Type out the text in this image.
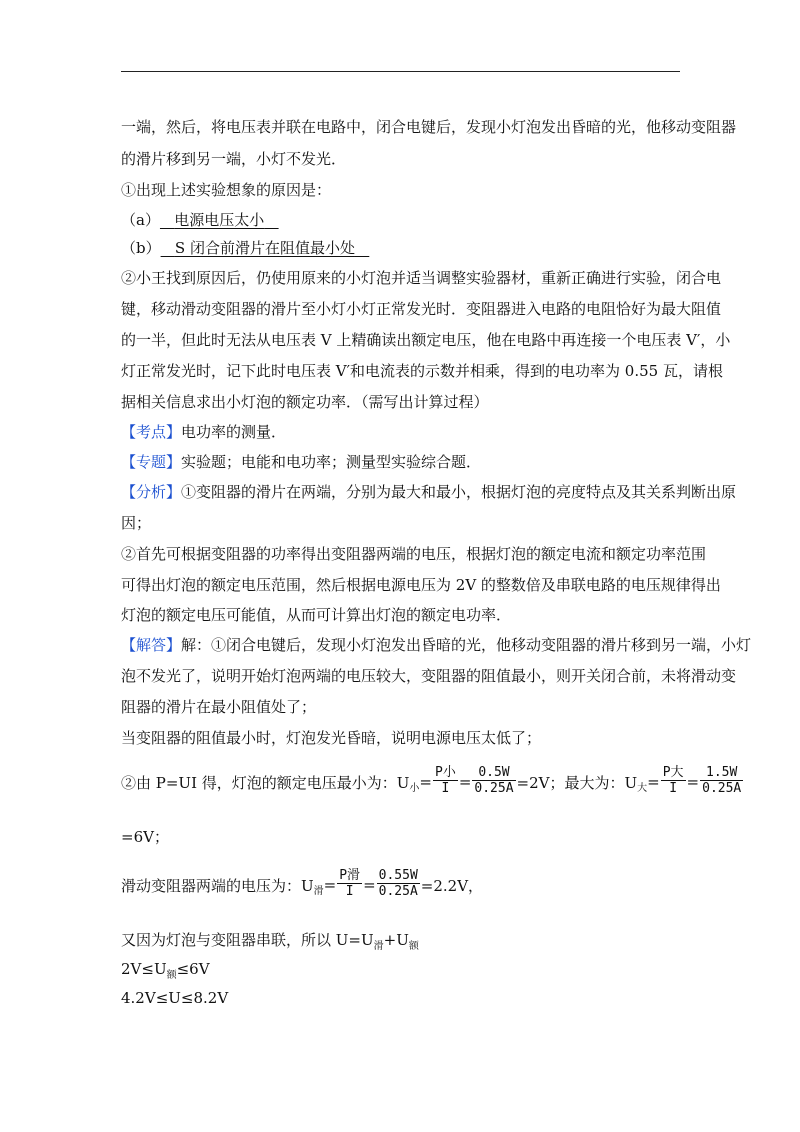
一端，然后，将电压表并联在电路中，闭合电键后，发现小灯泡发出昏暗的光，他移动变阻器
的滑片移到另一端，小灯不发光．
①出现上述实验想象的原因是：
（a） 电源电压太小
（b） S 闭合前滑片在阻值最小处
②小王找到原因后，仍使用原来的小灯泡并适当调整实验器材，重新正确进行实验，闭合电
键，移动滑动变阻器的滑片至小灯小灯正常发光时．变阻器进入电路的电阻恰好为最大阻值
的一半，但此时无法从电压表 V 上精确读出额定电压，他在电路中再连接一个电压表 V′，小
灯正常发光时，记下此时电压表 V′和电流表的示数并相乘，得到的电功率为 0.55 瓦，请根
据相关信息求出小灯泡的额定功率．（需写出计算过程）
【考点】电功率的测量．
【专题】实验题；电能和电功率；测量型实验综合题．
【分析】①变阻器的滑片在两端，分别为最大和最小，根据灯泡的亮度特点及其关系判断出原
因；
②首先可根据变阻器的功率得出变阻器两端的电压，根据灯泡的额定电流和额定功率范围
可得出灯泡的额定电压范围，然后根据电源电压为 2V 的整数倍及串联电路的电压规律得出
灯泡的额定电压可能值，从而可计算出灯泡的额定电功率．
【解答】解：①闭合电键后，发现小灯泡发出昏暗的光，他移动变阻器的滑片移到另一端，小灯
泡不发光了，说明开始灯泡两端的电压较大，变阻器的阻值最小，则开关闭合前，未将滑动变
阻器的滑片在最小阻值处了；
当变阻器的阻值最小时，灯泡发光昏暗，说明电源电压太低了；
②由 P=UI 得，灯泡的额定电压最小为：U 小 = $\frac{\text{P小}}{I} = \frac{0.5W}{0.25A} =2V$；最大为：U 大 = $\frac{\text{P大}}{I} = \frac{1.5W}{0.25A}$
=6V；
滑动变阻器两端的电压为：U 滑 = $\frac{\text{P滑}}{I} = \frac{0.55W}{0.25A} =2.2V$，
又因为灯泡与变阻器串联，所以 $U=U_滑+U_额$
$2V\le U_额\le 6V$
4.2V≤U≤8.2V
